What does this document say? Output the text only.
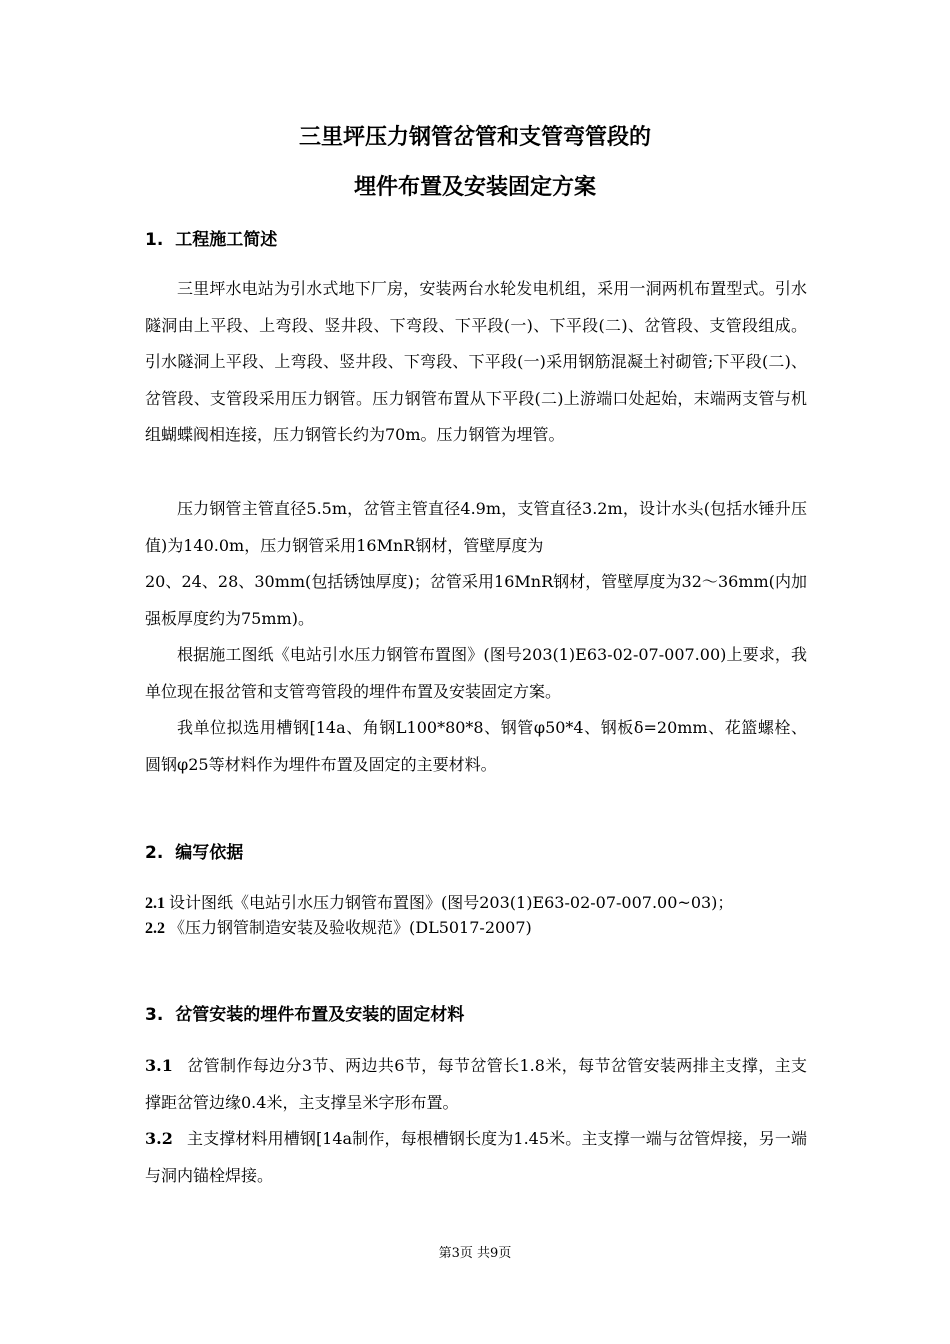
三里坪压力钢管岔管和支管弯管段的
埋件布置及安装固定方案
1. 工程施工简述

三里坪水电站为引水式地下厂房，安装两台水轮发电机组，采用一洞两机布置型式。引水隧洞由上平段、上弯段、竖井段、下弯段、下平段(一)、下平段(二)、岔管段、支管段组成。引水隧洞上平段、上弯段、竖井段、下弯段、下平段(一)采用钢筋混凝土衬砌管;下平段(二)、岔管段、支管段采用压力钢管。压力钢管布置从下平段(二)上游端口处起始，末端两支管与机组蝴蝶阀相连接，压力钢管长约为70m。压力钢管为埋管。

压力钢管主管直径5.5m，岔管主管直径4.9m，支管直径3.2m，设计水头(包括水锤升压值)为140.0m，压力钢管采用16MnR钢材，管壁厚度为

20、24、28、30mm(包括锈蚀厚度)；岔管采用16MnR钢材，管壁厚度为32～36mm(内加强板厚度约为75mm)。

根据施工图纸《电站引水压力钢管布置图》(图号203(1)E63-02-07-007.00)上要求，我单位现在报岔管和支管弯管段的埋件布置及安装固定方案。

我单位拟选用槽钢[14a、角钢L100*80*8、钢管φ50*4、钢板δ=20mm、花篮螺栓、圆钢φ25等材料作为埋件布置及固定的主要材料。

2. 编写依据

2.1 设计图纸《电站引水压力钢管布置图》(图号203(1)E63-02-07-007.00~03)；

2.2 《压力钢管制造安装及验收规范》(DL5017-2007)

3. 岔管安装的埋件布置及安装的固定材料

3.1 岔管制作每边分3节、两边共6节，每节岔管长1.8米，每节岔管安装两排主支撑，主支撑距岔管边缘0.4米，主支撑呈米字形布置。

3.2 主支撑材料用槽钢[14a制作，每根槽钢长度为1.45米。主支撑一端与岔管焊接，另一端与洞内锚栓焊接。

第3页 共9页
